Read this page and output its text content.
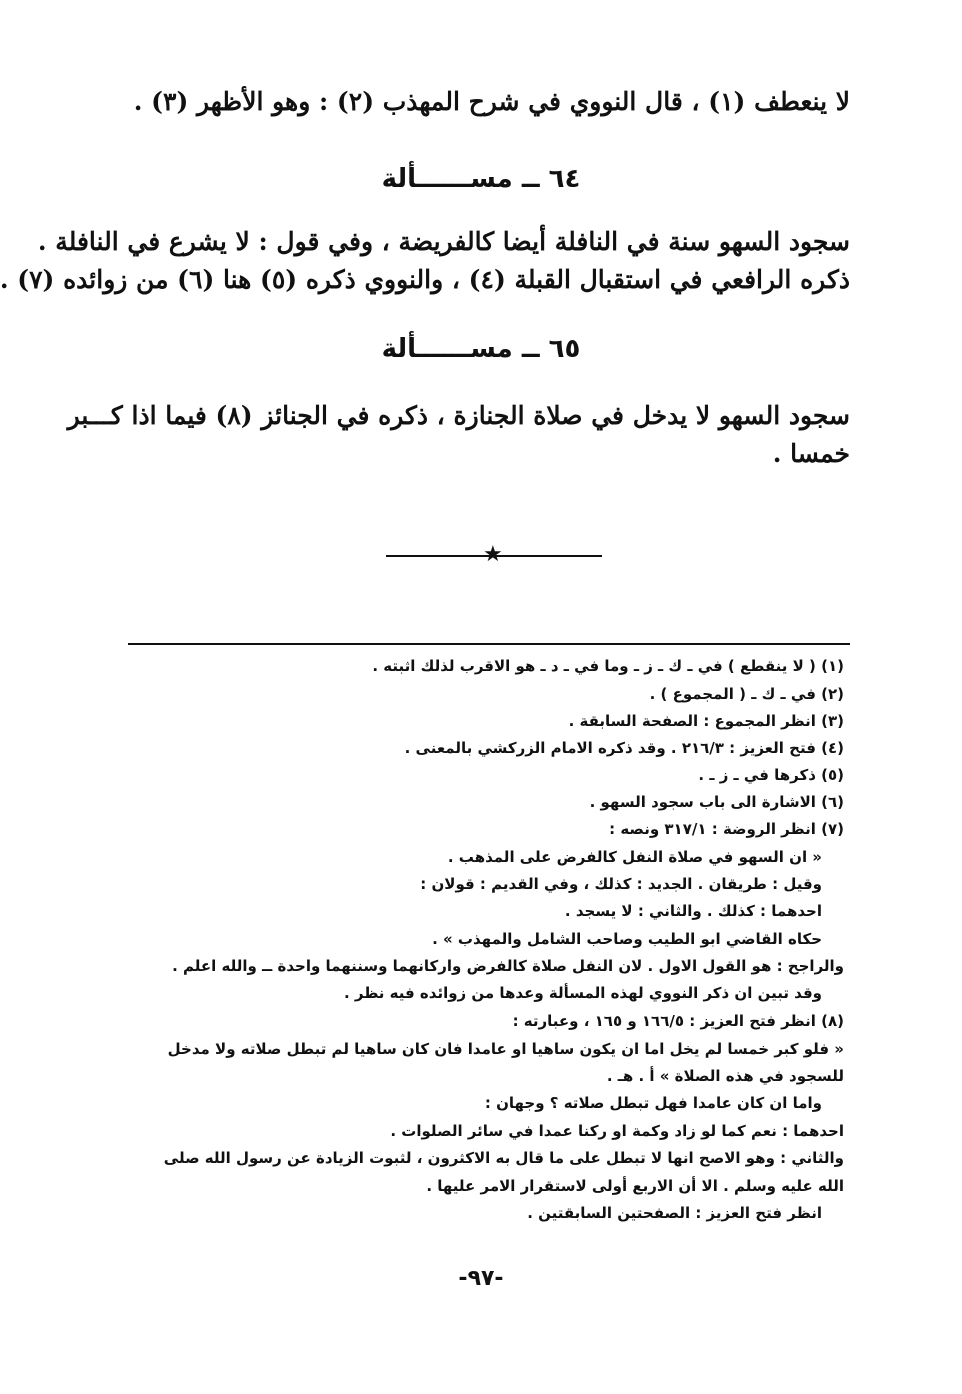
لا ينعطف (١) ، قال النووي في شرح المهذب (٢) : وهو الأظهر (٣) .
٦٤ ــ مســــــألة
سجود السهو سنة في النافلة أيضا كالفريضة ، وفي قول : لا يشرع في النافلة .
ذكره الرافعي في استقبال القبلة (٤) ، والنووي ذكره (٥) هنا (٦) من زوائده (٧) .
٦٥ ــ مســــــألة
سجود السهو لا يدخل في صلاة الجنازة ، ذكره في الجنائز (٨) فيما اذا كـــبر
خمسا .
★
(١) ( لا ينقطع ) في ـ ك ـ ز ـ وما في ـ د ـ هو الاقرب لذلك اثبته .
(٢) في ـ ك ـ ( المجموع ) .
(٣) انظر المجموع : الصفحة السابقة .
(٤) فتح العزيز : ٢١٦/٣ . وقد ذكره الامام الزركشي بالمعنى .
(٥) ذكرها في ـ ز ـ .
(٦) الاشارة الى باب سجود السهو .
(٧) انظر الروضة : ٣١٧/١ ونصه :
« ان السهو في صلاة النفل كالفرض على المذهب .
وقيل : طريقان . الجديد : كذلك ، وفي القديم : قولان :
احدهما : كذلك . والثاني : لا يسجد .
حكاه القاضي ابو الطيب وصاحب الشامل والمهذب » .
والراجح : هو القول الاول . لان النفل صلاة كالفرض واركانهما وسننهما واحدة ــ والله اعلم .
وقد تبين ان ذكر النووي لهذه المسألة وعدها من زوائده فيه نظر .
(٨) انظر فتح العزيز : ١٦٦/٥ و ١٦٥ ، وعبارته :
« فلو كبر خمسا لم يخل اما ان يكون ساهيا او عامدا فان كان ساهيا لم تبطل صلاته ولا مدخل
للسجود في هذه الصلاة » أ . هـ .
واما ان كان عامدا فهل تبطل صلاته ؟ وجهان :
احدهما : نعم كما لو زاد وكمة او ركنا عمدا في سائر الصلوات .
والثاني : وهو الاصح انها لا تبطل على ما قال به الاكثرون ، لثبوت الزيادة عن رسول الله صلى
الله عليه وسلم . الا أن الاربع أولى لاستقرار الامر عليها .
انظر فتح العزيز : الصفحتين السابقتين .
-٩٧-
